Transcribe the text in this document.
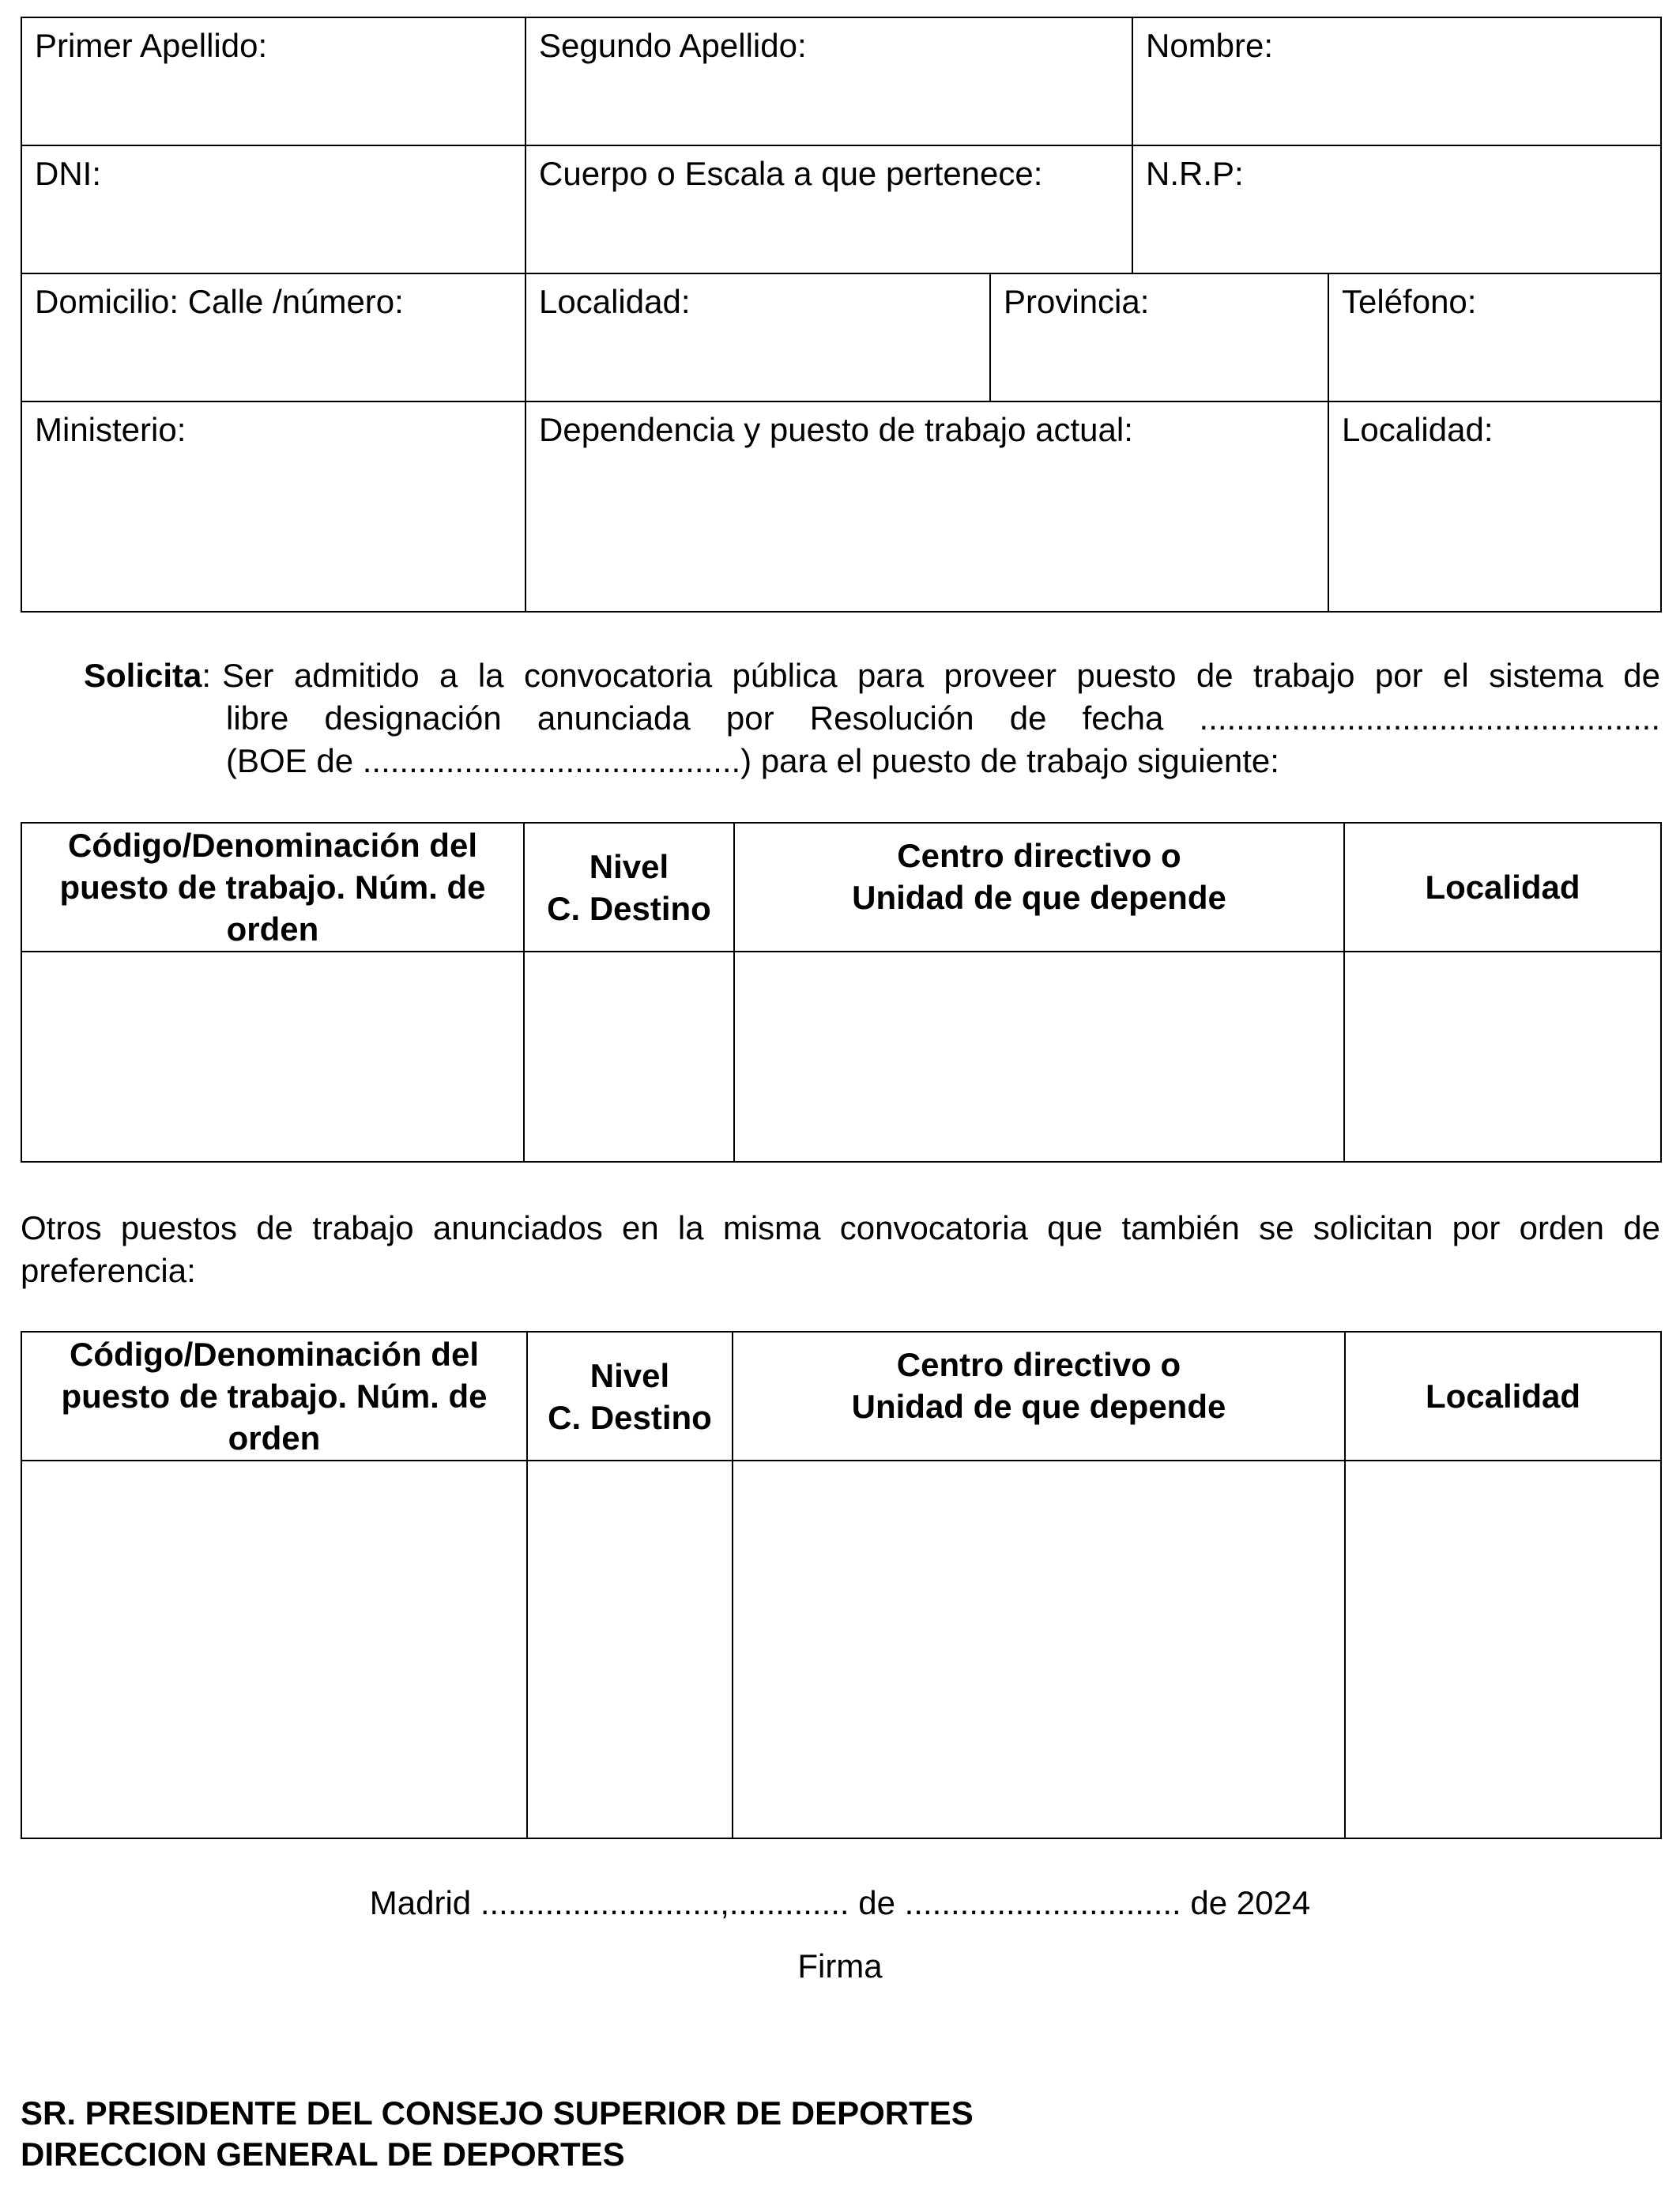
Primer Apellido:	Segundo Apellido:		Nombre:	

DNI:	Cuerpo o Escala a que pertenece:		N.R.P:	

Domicilio: Calle /número:	Localidad:	Provincia:		Teléfono:

Ministerio:	Dependencia y puesto de trabajo actual:			Localidad:
Solicita : Ser admitido a la convocatoria pública para proveer puesto de trabajo por el sistema de
libre designación anunciada por Resolución de fecha ..................................................
(BOE de .........................................) para el puesto de trabajo siguiente:
Código/Denominación del
puesto de trabajo. Núm. de
orden	Nivel
C. Destino	Centro directivo o
Unidad de que depende	Localidad

Otros puestos de trabajo anunciados en la misma convocatoria que también se solicitan por orden de
preferencia:
Código/Denominación del
puesto de trabajo. Núm. de
orden	Nivel
C. Destino	Centro directivo o
Unidad de que depende	Localidad

Madrid ..........................,............. de .............................. de 2024
Firma
SR. PRESIDENTE DEL CONSEJO SUPERIOR DE DEPORTES
DIRECCION GENERAL DE DEPORTES
